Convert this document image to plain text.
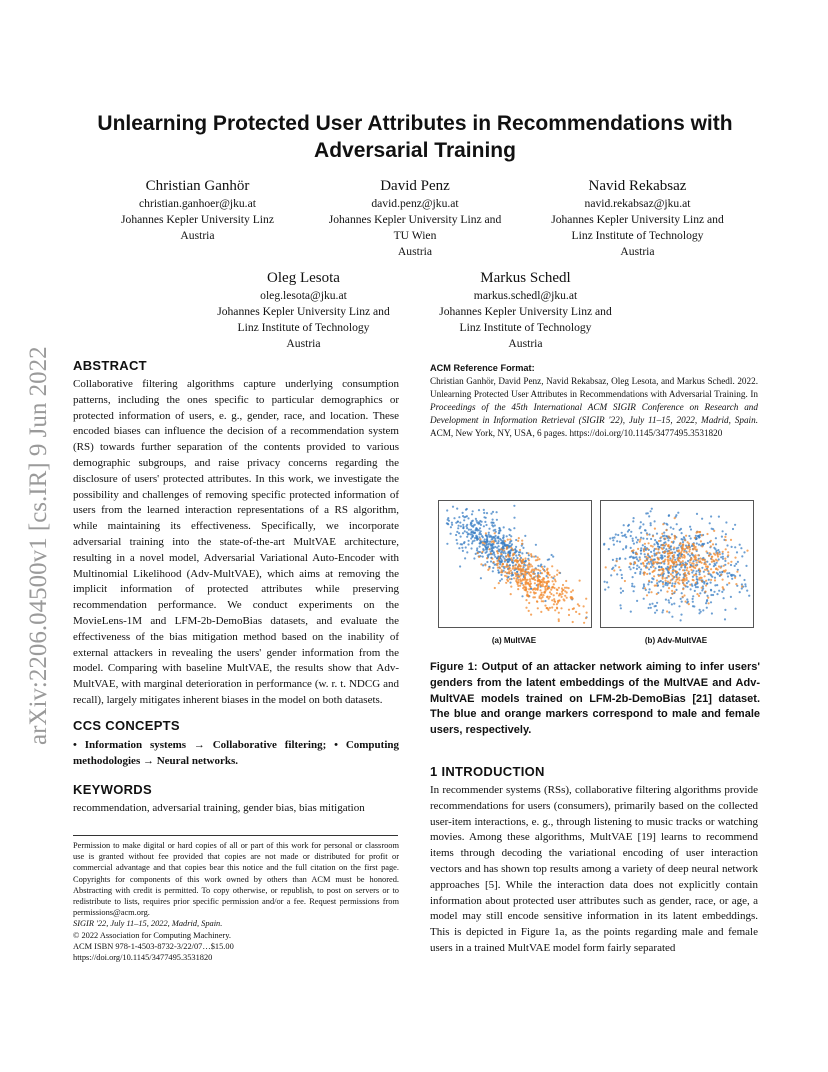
arXiv:2206.04500v1 [cs.IR] 9 Jun 2022
Unlearning Protected User Attributes in Recommendations with Adversarial Training
Christian Ganhör
christian.ganhoer@jku.at
Johannes Kepler University Linz
Austria
David Penz
david.penz@jku.at
Johannes Kepler University Linz and
TU Wien
Austria
Navid Rekabsaz
navid.rekabsaz@jku.at
Johannes Kepler University Linz and
Linz Institute of Technology
Austria
Oleg Lesota
oleg.lesota@jku.at
Johannes Kepler University Linz and
Linz Institute of Technology
Austria
Markus Schedl
markus.schedl@jku.at
Johannes Kepler University Linz and
Linz Institute of Technology
Austria
ABSTRACT
Collaborative filtering algorithms capture underlying consumption patterns, including the ones specific to particular demographics or protected information of users, e. g., gender, race, and location. These encoded biases can influence the decision of a recommendation system (RS) towards further separation of the contents provided to various demographic subgroups, and raise privacy concerns regarding the disclosure of users' protected attributes. In this work, we investigate the possibility and challenges of removing specific protected information of users from the learned interaction representations of a RS algorithm, while maintaining its effectiveness. Specifically, we incorporate adversarial training into the state-of-the-art MultVAE architecture, resulting in a novel model, Adversarial Variational Auto-Encoder with Multinomial Likelihood (Adv-MultVAE), which aims at removing the implicit information of protected attributes while preserving recommendation performance. We conduct experiments on the MovieLens-1M and LFM-2b-DemoBias datasets, and evaluate the effectiveness of the bias mitigation method based on the inability of external attackers in revealing the users' gender information from the model. Comparing with baseline MultVAE, the results show that Adv-MultVAE, with marginal deterioration in performance (w. r. t. NDCG and recall), largely mitigates inherent biases in the model on both datasets.
CCS CONCEPTS
• Information systems → Collaborative filtering; • Computing methodologies → Neural networks.
KEYWORDS
recommendation, adversarial training, gender bias, bias mitigation
Permission to make digital or hard copies of all or part of this work for personal or classroom use is granted without fee provided that copies are not made or distributed for profit or commercial advantage and that copies bear this notice and the full citation on the first page. Copyrights for components of this work owned by others than ACM must be honored. Abstracting with credit is permitted. To copy otherwise, or republish, to post on servers or to redistribute to lists, requires prior specific permission and/or a fee. Request permissions from permissions@acm.org.
SIGIR '22, July 11–15, 2022, Madrid, Spain.
© 2022 Association for Computing Machinery.
ACM ISBN 978-1-4503-8732-3/22/07…$15.00
https://doi.org/10.1145/3477495.3531820
ACM Reference Format:
Christian Ganhör, David Penz, Navid Rekabsaz, Oleg Lesota, and Markus Schedl. 2022. Unlearning Protected User Attributes in Recommendations with Adversarial Training. In Proceedings of the 45th International ACM SIGIR Conference on Research and Development in Information Retrieval (SIGIR '22), July 11–15, 2022, Madrid, Spain. ACM, New York, NY, USA, 6 pages. https://doi.org/10.1145/3477495.3531820
(a) MultVAE	(b) Adv-MultVAE
Figure 1: Output of an attacker network aiming to infer users' genders from the latent embeddings of the MultVAE and Adv-MultVAE models trained on LFM-2b-DemoBias [21] dataset. The blue and orange markers correspond to male and female users, respectively.
1 INTRODUCTION
In recommender systems (RSs), collaborative filtering algorithms provide recommendations for users (consumers), primarily based on the collected user-item interactions, e. g., through listening to music tracks or watching movies. Among these algorithms, MultVAE [19] learns to recommend items through decoding the variational encoding of user interaction vectors and has shown top results among a variety of deep neural network approaches [5]. While the interaction data does not explicitly contain information about protected user attributes such as gender, race, or age, a model may still encode sensitive information in its latent embeddings. This is depicted in Figure 1a, as the points regarding male and female users in a trained MultVAE model form fairly separated
